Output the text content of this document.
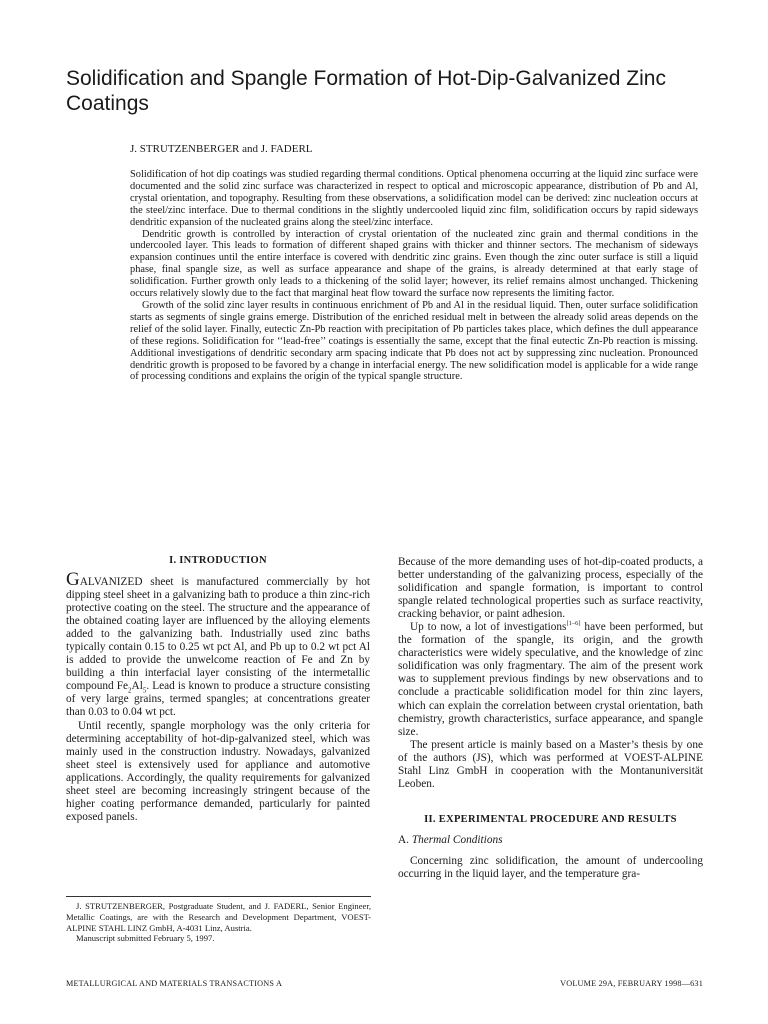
Solidification and Spangle Formation of Hot-Dip-Galvanized Zinc Coatings

J. STRUTZENBERGER and J. FADERL

Solidification of hot dip coatings was studied regarding thermal conditions. Optical phenomena occurring at the liquid zinc surface were documented and the solid zinc surface was characterized in respect to optical and microscopic appearance, distribution of Pb and Al, crystal orientation, and topography. Resulting from these observations, a solidification model can be derived: zinc nucleation occurs at the steel/zinc interface. Due to thermal conditions in the slightly undercooled liquid zinc film, solidification occurs by rapid sideways dendritic expansion of the nucleated grains along the steel/zinc interface.

Dendritic growth is controlled by interaction of crystal orientation of the nucleated zinc grain and thermal conditions in the undercooled layer. This leads to formation of different shaped grains with thicker and thinner sectors. The mechanism of sideways expansion continues until the entire interface is covered with dendritic zinc grains. Even though the zinc outer surface is still a liquid phase, final spangle size, as well as surface appearance and shape of the grains, is already determined at that early stage of solidification. Further growth only leads to a thickening of the solid layer; however, its relief remains almost unchanged. Thickening occurs relatively slowly due to the fact that marginal heat flow toward the surface now represents the limiting factor.

Growth of the solid zinc layer results in continuous enrichment of Pb and Al in the residual liquid. Then, outer surface solidification starts as segments of single grains emerge. Distribution of the enriched residual melt in between the already solid areas depends on the relief of the solid layer. Finally, eutectic Zn-Pb reaction with precipitation of Pb particles takes place, which defines the dull appearance of these regions. Solidification for ‘‘lead-free’’ coatings is essentially the same, except that the final eutectic Zn-Pb reaction is missing. Additional investigations of dendritic secondary arm spacing indicate that Pb does not act by suppressing zinc nucleation. Pronounced dendritic growth is proposed to be favored by a change in interfacial energy. The new solidification model is applicable for a wide range of processing conditions and explains the origin of the typical spangle structure.

I. INTRODUCTION

GALVANIZED sheet is manufactured commercially by hot dipping steel sheet in a galvanizing bath to produce a thin zinc-rich protective coating on the steel. The structure and the appearance of the obtained coating layer are influenced by the alloying elements added to the galvanizing bath. Industrially used zinc baths typically contain 0.15 to 0.25 wt pct Al, and Pb up to 0.2 wt pct Al is added to provide the unwelcome reaction of Fe and Zn by building a thin interfacial layer consisting of the intermetallic compound $Fe_2Al_5$. Lead is known to produce a structure consisting of very large grains, termed spangles; at concentrations greater than 0.03 to 0.04 wt pct.

Until recently, spangle morphology was the only criteria for determining acceptability of hot-dip-galvanized steel, which was mainly used in the construction industry. Nowadays, galvanized sheet steel is extensively used for appliance and automotive applications. Accordingly, the quality requirements for galvanized sheet steel are becoming increasingly stringent because of the higher coating performance demanded, particularly for painted exposed panels.

Because of the more demanding uses of hot-dip-coated products, a better understanding of the galvanizing process, especially of the solidification and spangle formation, is important to control spangle related technological properties such as surface reactivity, cracking behavior, or paint adhesion.

Up to now, a lot of investigations[1–6] have been performed, but the formation of the spangle, its origin, and the growth characteristics were widely speculative, and the knowledge of zinc solidification was only fragmentary. The aim of the present work was to supplement previous findings by new observations and to conclude a practicable solidification model for thin zinc layers, which can explain the correlation between crystal orientation, bath chemistry, growth characteristics, surface appearance, and spangle size.

The present article is mainly based on a Master’s thesis by one of the authors (JS), which was performed at VOEST-ALPINE Stahl Linz GmbH in cooperation with the Montanuniversität Leoben.

II. EXPERIMENTAL PROCEDURE AND RESULTS

A. Thermal Conditions

Concerning zinc solidification, the amount of undercooling occurring in the liquid layer, and the temperature gra-

J. STRUTZENBERGER, Postgraduate Student, and J. FADERL, Senior Engineer, Metallic Coatings, are with the Research and Development Department, VOEST-ALPINE STAHL LINZ GmbH, A-4031 Linz, Austria.

Manuscript submitted February 5, 1997.

METALLURGICAL AND MATERIALS TRANSACTIONS A	VOLUME 29A, FEBRUARY 1998—631
